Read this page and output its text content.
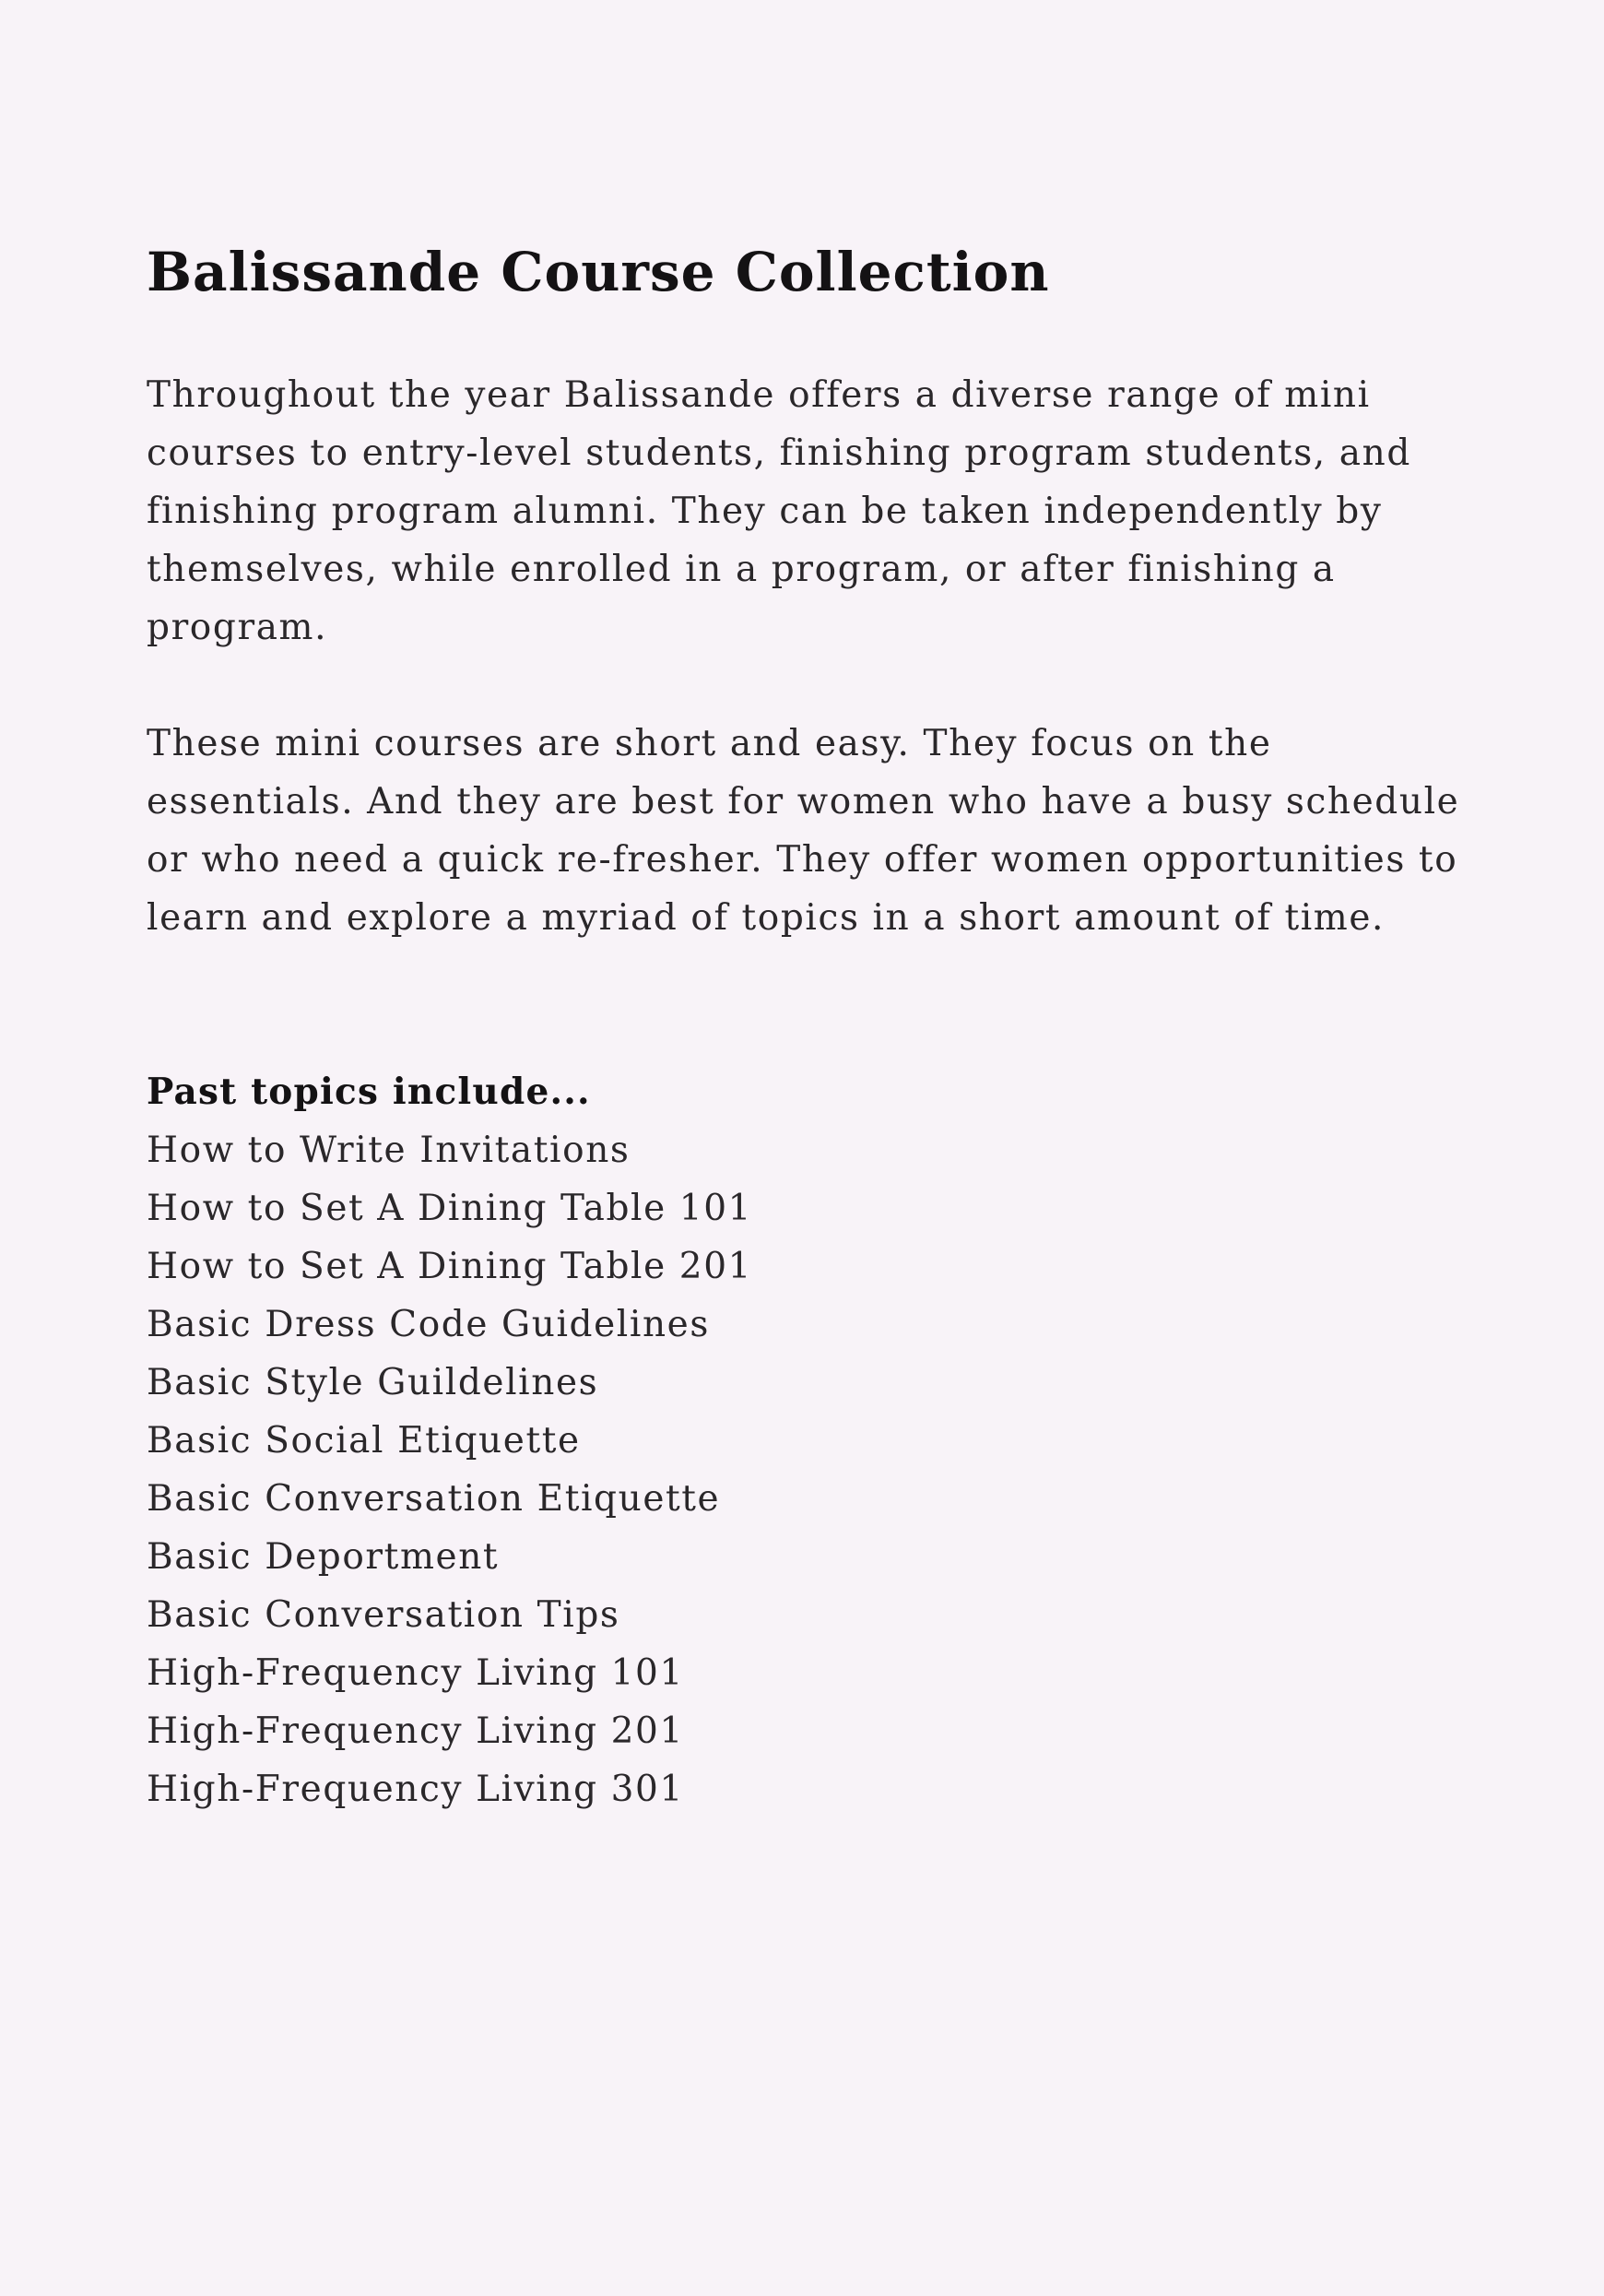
Balissande Course Collection

Throughout the year Balissande offers a diverse range of mini courses to entry-level students, finishing program students, and finishing program alumni. They can be taken independently by themselves, while enrolled in a program, or after finishing a program.

These mini courses are short and easy. They focus on the essentials. And they are best for women who have a busy schedule or who need a quick re-fresher. They offer women opportunities to learn and explore a myriad of topics in a short amount of time.

Past topics include...
How to Write Invitations
How to Set A Dining Table 101
How to Set A Dining Table 201
Basic Dress Code Guidelines
Basic Style Guildelines
Basic Social Etiquette
Basic Conversation Etiquette
Basic Deportment
Basic Conversation Tips
High-Frequency Living 101
High-Frequency Living 201
High-Frequency Living 301
